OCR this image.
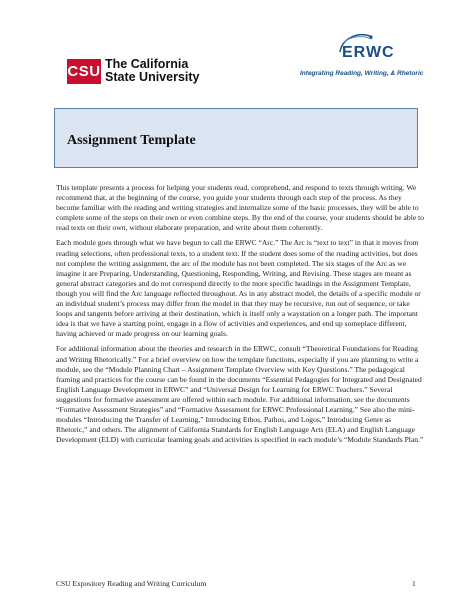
CSU The California
State University
ERWC
Integrating Reading, Writing, & Rhetoric
Assignment Template

This template presents a process for helping your students read, comprehend, and respond to texts through writing. We recommend that, at the beginning of the course, you guide your students through each step of the process. As they become familiar with the reading and writing strategies and internalize some of the basic processes, they will be able to complete some of the steps on their own or even combine steps. By the end of the course, your students should be able to read texts on their own, without elaborate preparation, and write about them coherently.

Each module goes through what we have begun to call the ERWC “Arc.” The Arc is “text to text” in that it moves from reading selections, often professional texts, to a student text. If the student does some of the reading activities, but does not complete the writing assignment, the arc of the module has not been completed. The six stages of the Arc as we imagine it are Preparing, Understanding, Questioning, Responding, Writing, and Revising. These stages are meant as general abstract categories and do not correspond directly to the more specific headings in the Assignment Template, though you will find the Arc language reflected throughout. As in any abstract model, the details of a specific module or an individual student’s process may differ from the model in that they may be recursive, run out of sequence, or take loops and tangents before arriving at their destination, which is itself only a waystation on a longer path. The important idea is that we have a starting point, engage in a flow of activities and experiences, and end up someplace different, having achieved or made progress on our learning goals.

For additional information about the theories and research in the ERWC, consult “Theoretical Foundations for Reading and Writing Rhetorically.” For a brief overview on how the template functions, especially if you are planning to write a module, see the “Module Planning Chart – Assignment Template Overview with Key Questions.” The pedagogical framing and practices for the course can be found in the documents “Essential Pedagogies for Integrated and Designated English Language Development in ERWC” and “Universal Design for Learning for ERWC Teachers.” Several suggestions for formative assessment are offered within each module. For additional information, see the documents “Formative Assessment Strategies” and “Formative Assessment for ERWC Professional Learning.” See also the mini-modules “Introducing the Transfer of Learning,” Introducing Ethos, Pathos, and Logos,” Introducing Genre as Rhetoric,” and others. The alignment of California Standards for English Language Arts (ELA) and English Language Development (ELD) with curricular learning goals and activities is specified in each module’s “Module Standards Plan.”

CSU Expository Reading and Writing Curriculum	1
